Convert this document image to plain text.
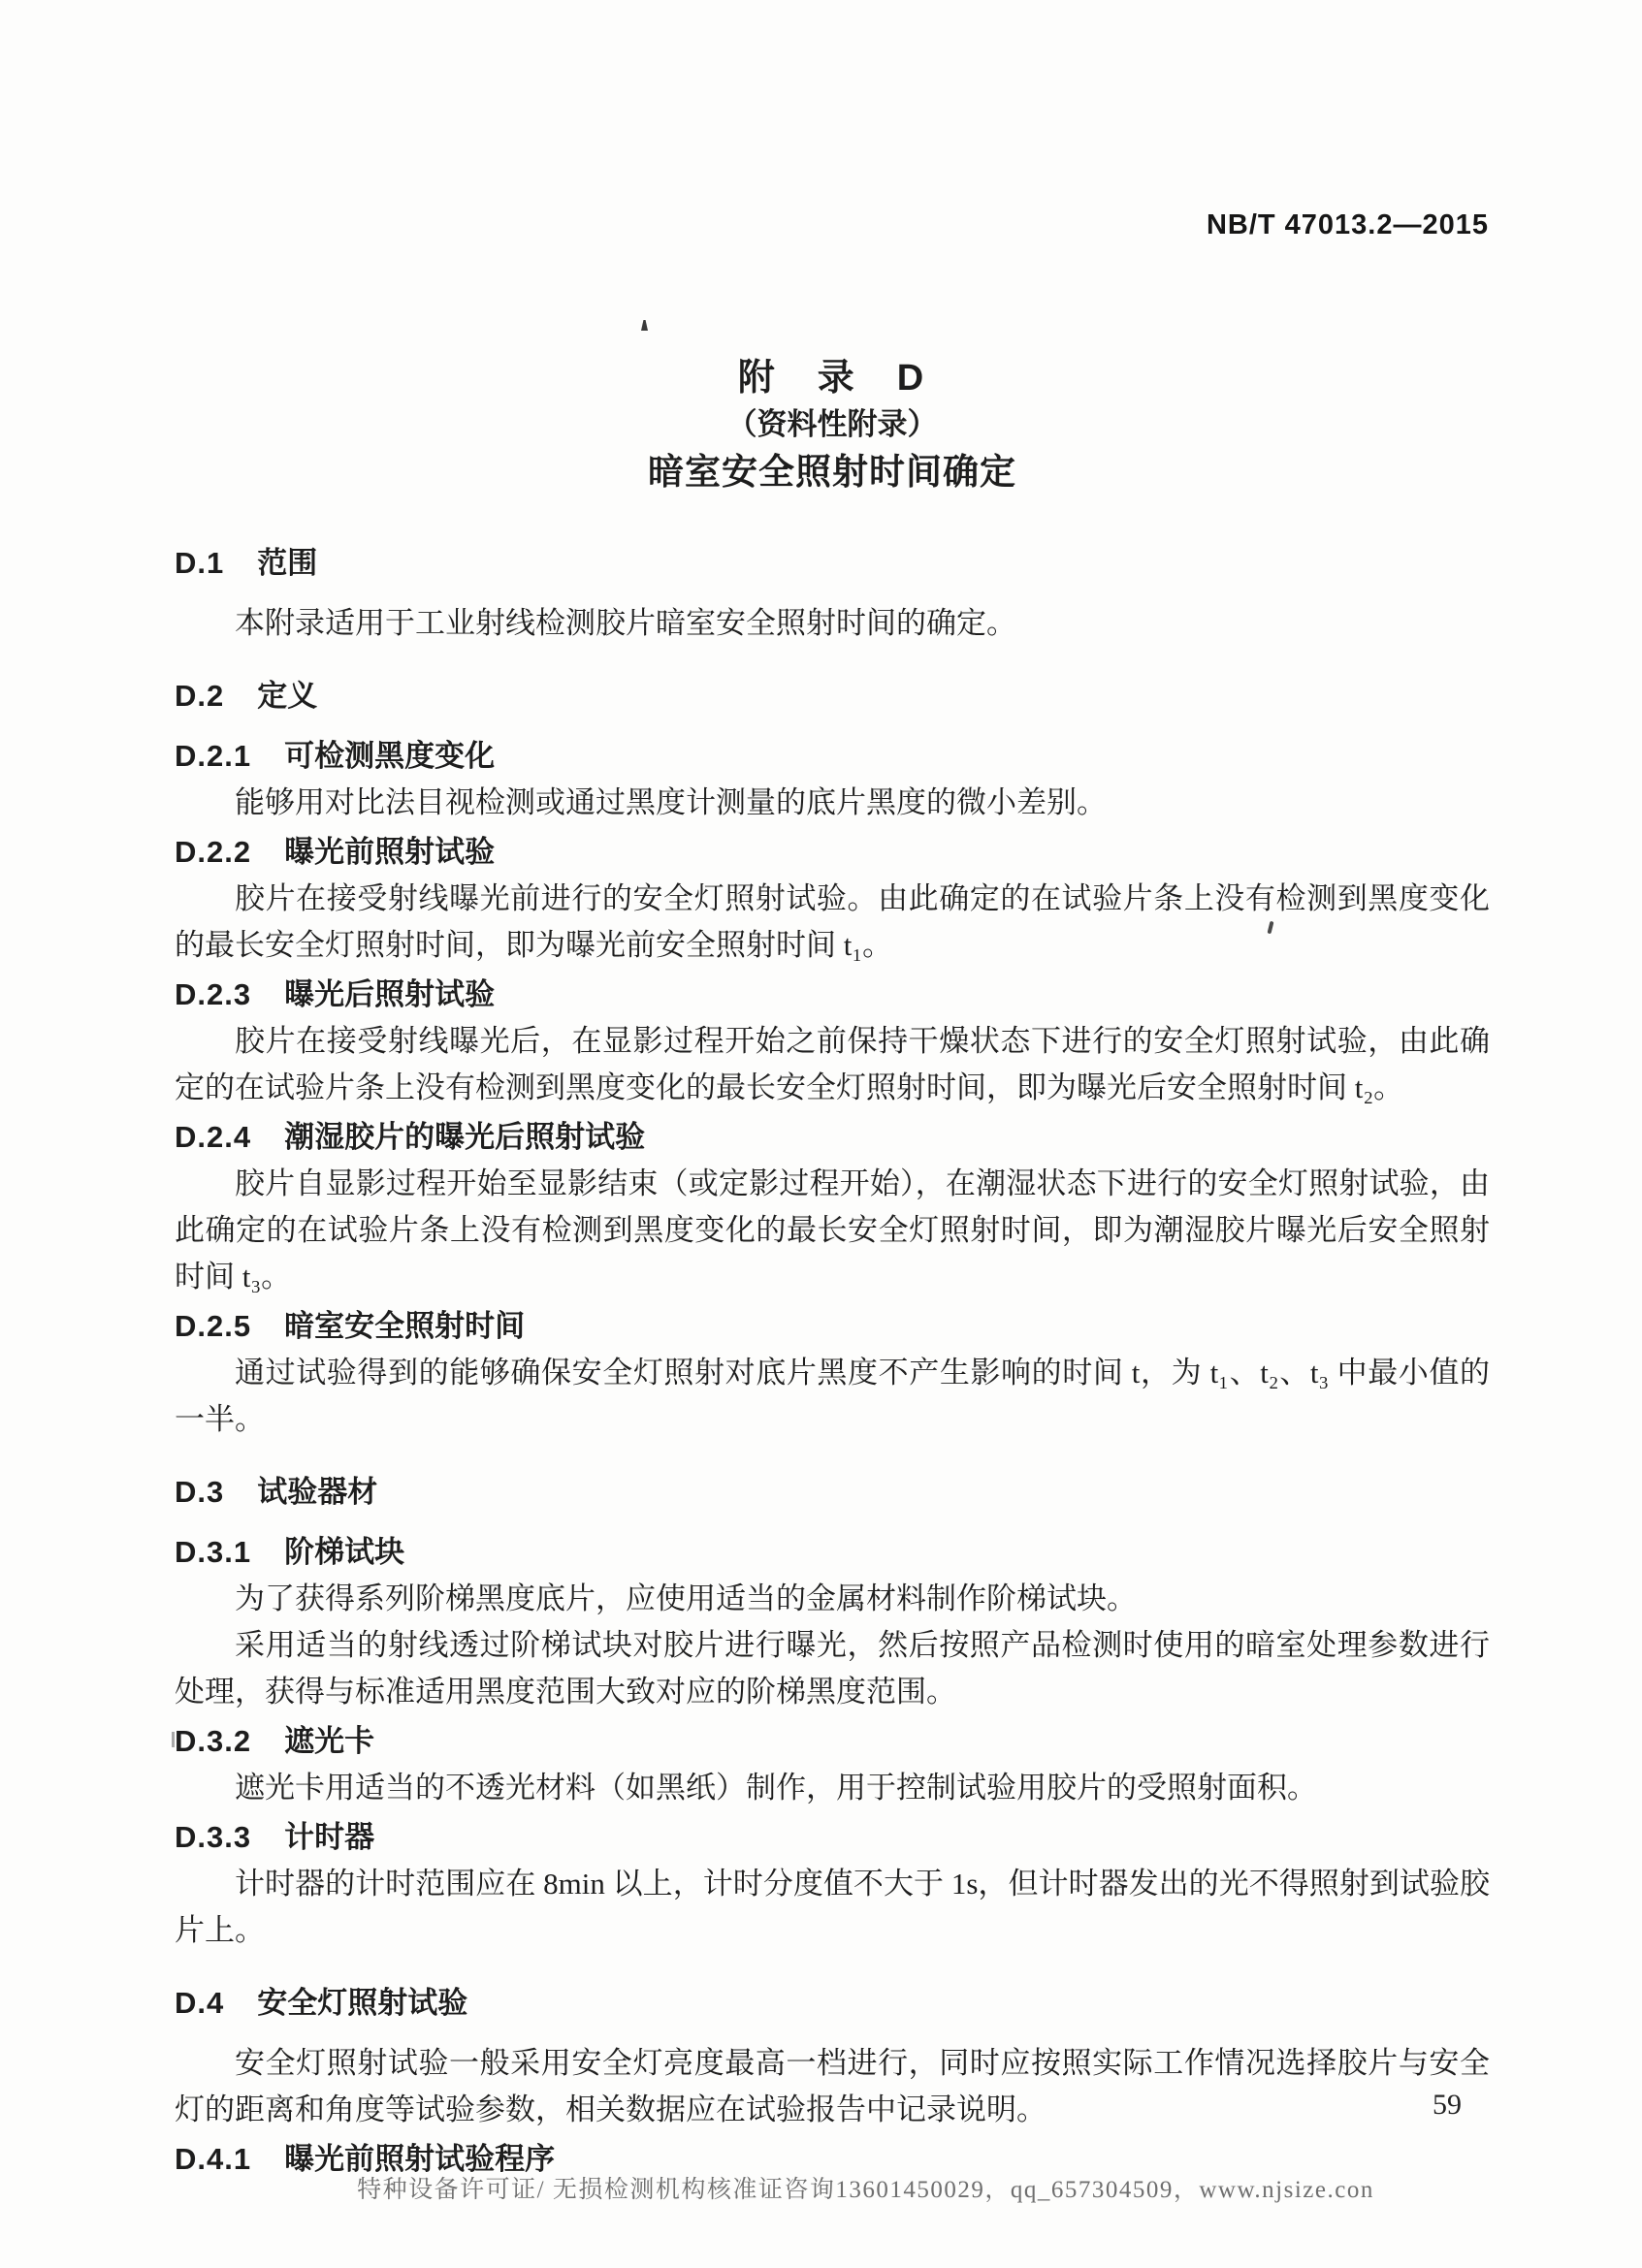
NB/T 47013.2—2015
附　录　D
（资料性附录）
暗室安全照射时间确定
D.1 范围

本附录适用于工业射线检测胶片暗室安全照射时间的确定。

D.2 定义
D.2.1 可检测黑度变化

能够用对比法目视检测或通过黑度计测量的底片黑度的微小差别。

D.2.2 曝光前照射试验

胶片在接受射线曝光前进行的安全灯照射试验。由此确定的在试验片条上没有检测到黑度变化的最长安全灯照射时间，即为曝光前安全照射时间 t₁。

D.2.3 曝光后照射试验

胶片在接受射线曝光后，在显影过程开始之前保持干燥状态下进行的安全灯照射试验，由此确定的在试验片条上没有检测到黑度变化的最长安全灯照射时间，即为曝光后安全照射时间 t₂。

D.2.4 潮湿胶片的曝光后照射试验

胶片自显影过程开始至显影结束（或定影过程开始），在潮湿状态下进行的安全灯照射试验，由此确定的在试验片条上没有检测到黑度变化的最长安全灯照射时间，即为潮湿胶片曝光后安全照射时间 t₃。

D.2.5 暗室安全照射时间

通过试验得到的能够确保安全灯照射对底片黑度不产生影响的时间 t，为 t₁、t₂、t₃ 中最小值的一半。

D.3 试验器材
D.3.1 阶梯试块

为了获得系列阶梯黑度底片，应使用适当的金属材料制作阶梯试块。

采用适当的射线透过阶梯试块对胶片进行曝光，然后按照产品检测时使用的暗室处理参数进行处理，获得与标准适用黑度范围大致对应的阶梯黑度范围。

D.3.2 遮光卡

遮光卡用适当的不透光材料（如黑纸）制作，用于控制试验用胶片的受照射面积。

D.3.3 计时器

计时器的计时范围应在 8min 以上，计时分度值不大于 1s，但计时器发出的光不得照射到试验胶片上。

D.4 安全灯照射试验

安全灯照射试验一般采用安全灯亮度最高一档进行，同时应按照实际工作情况选择胶片与安全灯的距离和角度等试验参数，相关数据应在试验报告中记录说明。

D.4.1 曝光前照射试验程序
59
特种设备许可证/ 无损检测机构核准证咨询13601450029，qq_657304509，www.njsize.con
